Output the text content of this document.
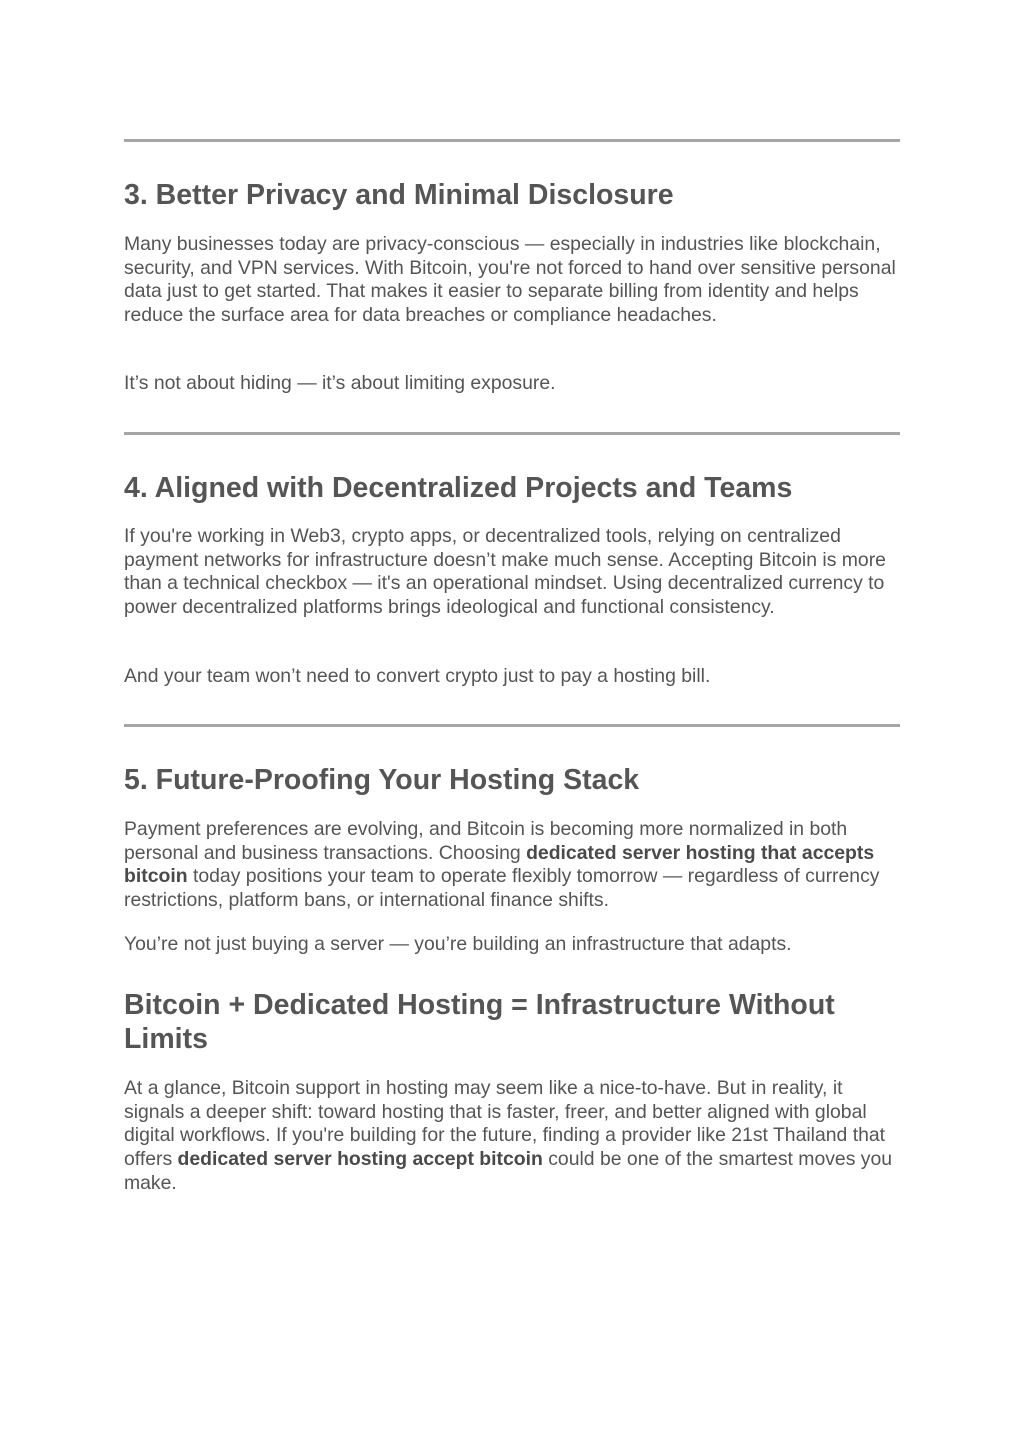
3. Better Privacy and Minimal Disclosure

Many businesses today are privacy-conscious — especially in industries like blockchain, security, and VPN services. With Bitcoin, you're not forced to hand over sensitive personal data just to get started. That makes it easier to separate billing from identity and helps reduce the surface area for data breaches or compliance headaches.

It’s not about hiding — it’s about limiting exposure.

4. Aligned with Decentralized Projects and Teams

If you're working in Web3, crypto apps, or decentralized tools, relying on centralized payment networks for infrastructure doesn’t make much sense. Accepting Bitcoin is more than a technical checkbox — it's an operational mindset. Using decentralized currency to power decentralized platforms brings ideological and functional consistency.

And your team won’t need to convert crypto just to pay a hosting bill.

5. Future-Proofing Your Hosting Stack

Payment preferences are evolving, and Bitcoin is becoming more normalized in both personal and business transactions. Choosing dedicated server hosting that accepts bitcoin today positions your team to operate flexibly tomorrow — regardless of currency restrictions, platform bans, or international finance shifts.

You’re not just buying a server — you’re building an infrastructure that adapts.

Bitcoin + Dedicated Hosting = Infrastructure Without Limits

At a glance, Bitcoin support in hosting may seem like a nice-to-have. But in reality, it signals a deeper shift: toward hosting that is faster, freer, and better aligned with global digital workflows. If you're building for the future, finding a provider like 21st Thailand that offers dedicated server hosting accept bitcoin could be one of the smartest moves you make.
